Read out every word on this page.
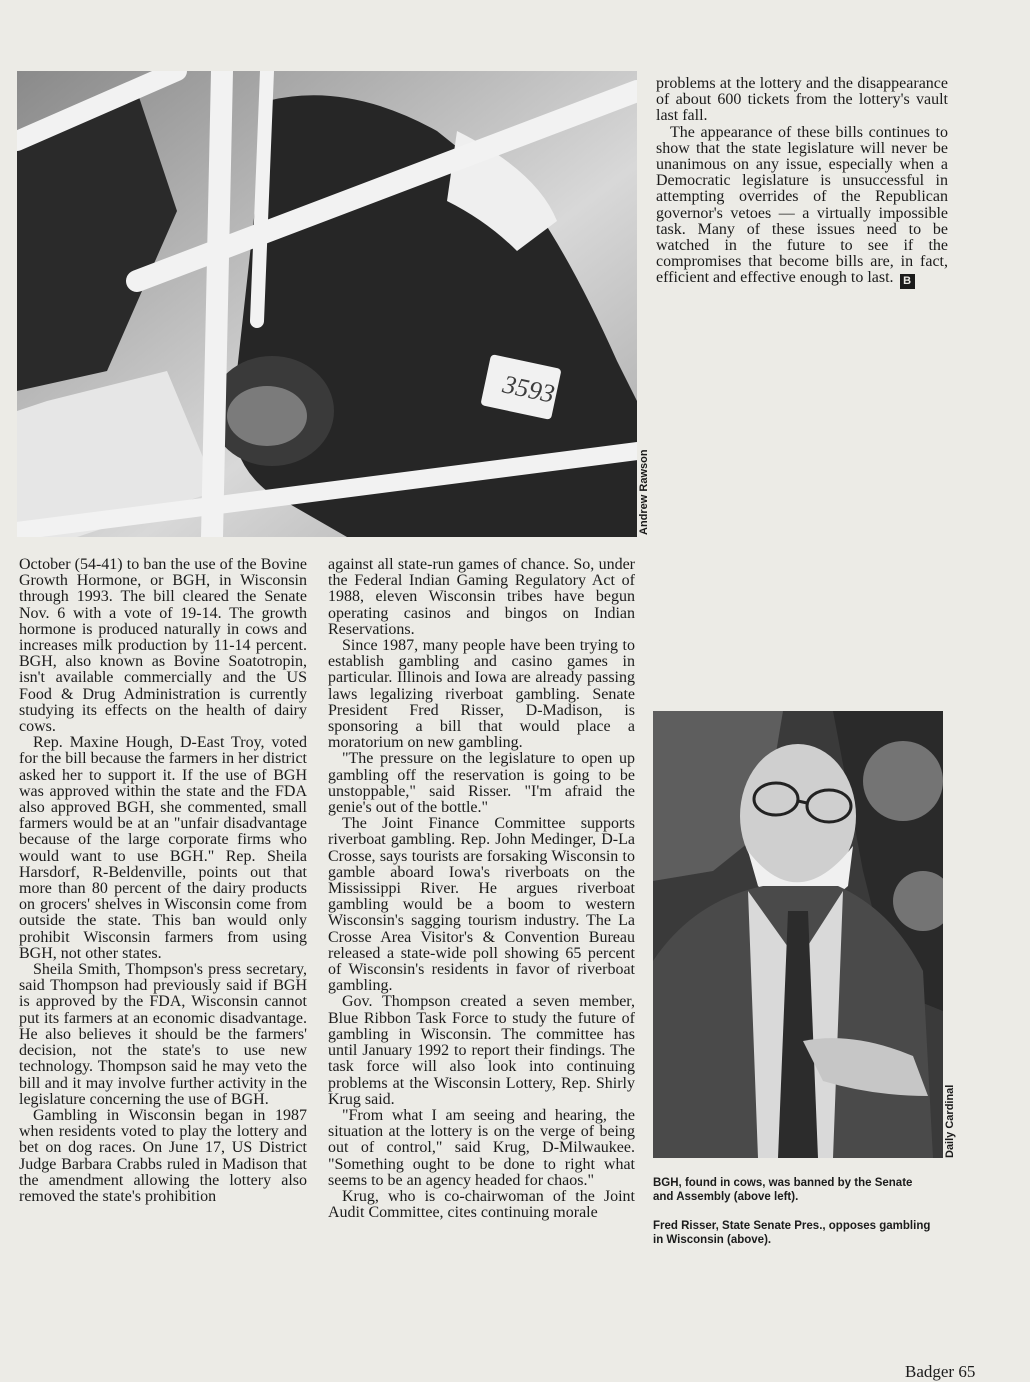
3593
Andrew Rawson

problems at the lottery and the disappearance of about 600 tickets from the lottery's vault last fall.

The appearance of these bills continues to show that the state legislature will never be unanimous on any issue, especially when a Democratic legislature is unsuccessful in attempting overrides of the Republican governor's vetoes — a virtually impossible task. Many of these issues need to be watched in the future to see if the compromises that become bills are, in fact, efficient and effective enough to last. B

October (54-41) to ban the use of the Bovine Growth Hormone, or BGH, in Wisconsin through 1993. The bill cleared the Senate Nov. 6 with a vote of 19-14. The growth hormone is produced naturally in cows and increases milk production by 11-14 percent. BGH, also known as Bovine Soatotropin, isn't available commercially and the US Food & Drug Administration is currently studying its effects on the health of dairy cows.

Rep. Maxine Hough, D-East Troy, voted for the bill because the farmers in her district asked her to support it. If the use of BGH was approved within the state and the FDA also approved BGH, she commented, small farmers would be at an "unfair disadvantage because of the large corporate firms who would want to use BGH." Rep. Sheila Harsdorf, R-Beldenville, points out that more than 80 percent of the dairy products on grocers' shelves in Wisconsin come from outside the state. This ban would only prohibit Wisconsin farmers from using BGH, not other states.

Sheila Smith, Thompson's press secretary, said Thompson had previously said if BGH is approved by the FDA, Wisconsin cannot put its farmers at an economic disadvantage. He also believes it should be the farmers' decision, not the state's to use new technology. Thompson said he may veto the bill and it may involve further activity in the legislature concerning the use of BGH.

Gambling in Wisconsin began in 1987 when residents voted to play the lottery and bet on dog races. On June 17, US District Judge Barbara Crabbs ruled in Madison that the amendment allowing the lottery also removed the state's prohibition

against all state-run games of chance. So, under the Federal Indian Gaming Regulatory Act of 1988, eleven Wisconsin tribes have begun operating casinos and bingos on Indian Reservations.

Since 1987, many people have been trying to establish gambling and casino games in particular. Illinois and Iowa are already passing laws legalizing riverboat gambling. Senate President Fred Risser, D-Madison, is sponsoring a bill that would place a moratorium on new gambling.

"The pressure on the legislature to open up gambling off the reservation is going to be unstoppable," said Risser. "I'm afraid the genie's out of the bottle."

The Joint Finance Committee supports riverboat gambling. Rep. John Medinger, D-La Crosse, says tourists are forsaking Wisconsin to gamble aboard Iowa's riverboats on the Mississippi River. He argues riverboat gambling would be a boom to western Wisconsin's sagging tourism industry. The La Crosse Area Visitor's & Convention Bureau released a state-wide poll showing 65 percent of Wisconsin's residents in favor of riverboat gambling.

Gov. Thompson created a seven member, Blue Ribbon Task Force to study the future of gambling in Wisconsin. The committee has until January 1992 to report their findings. The task force will also look into continuing problems at the Wisconsin Lottery, Rep. Shirly Krug said.

"From what I am seeing and hearing, the situation at the lottery is on the verge of being out of control," said Krug, D-Milwaukee. "Something ought to be done to right what seems to be an agency headed for chaos."

Krug, who is co-chairwoman of the Joint Audit Committee, cites continuing morale

Daily Cardinal

BGH, found in cows, was banned by the Senate and Assembly (above left).

Fred Risser, State Senate Pres., opposes gambling in Wisconsin (above).

Badger 65
